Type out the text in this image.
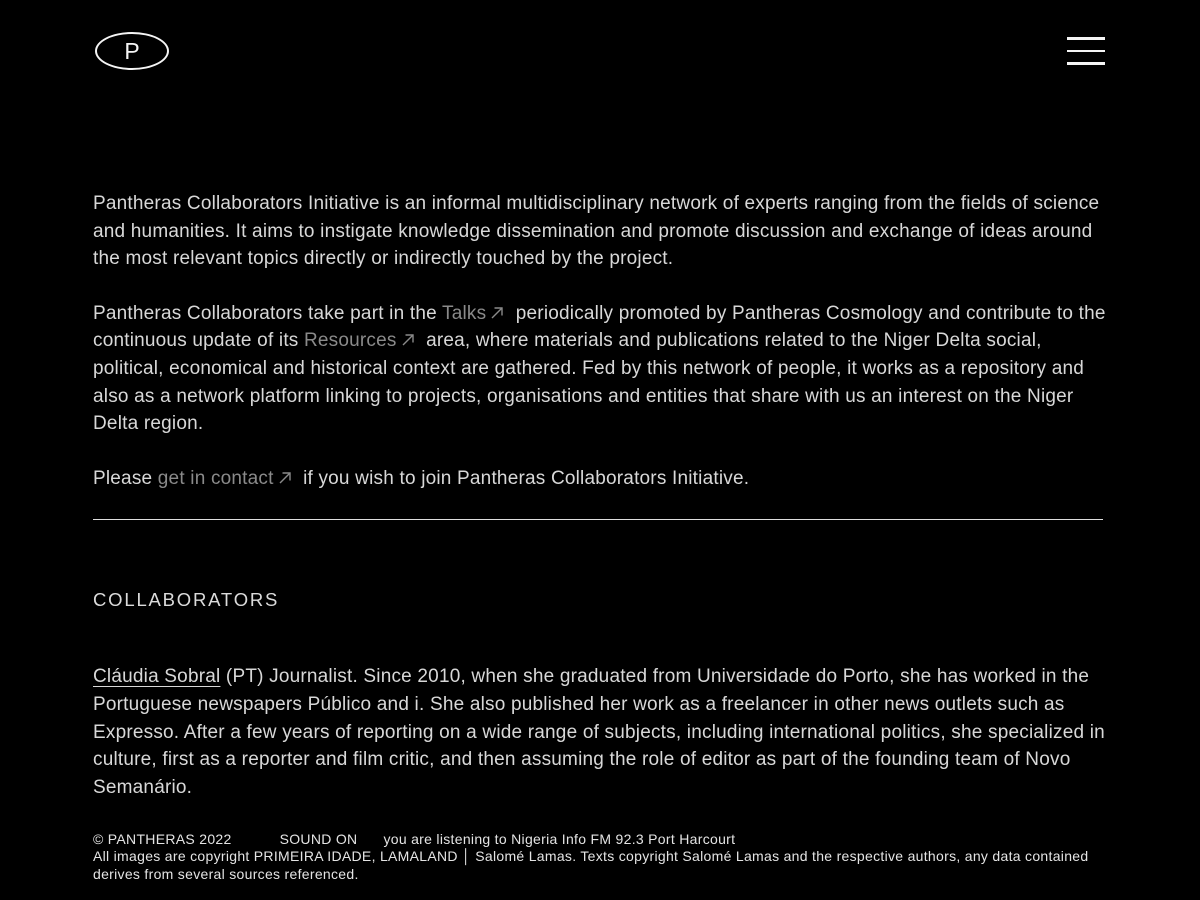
P

Pantheras Collaborators Initiative is an informal multidisciplinary network of experts ranging from the fields of science and humanities. It aims to instigate knowledge dissemination and promote discussion and exchange of ideas around the most relevant topics directly or indirectly touched by the project.

Pantheras Collaborators take part in the Talks periodically promoted by Pantheras Cosmology and contribute to the continuous update of its Resources area, where materials and publications related to the Niger Delta social, political, economical and historical context are gathered. Fed by this network of people, it works as a repository and also as a network platform linking to projects, organisations and entities that share with us an interest on the Niger Delta region.

Please get in contact if you wish to join Pantheras Collaborators Initiative.

COLLABORATORS

Cláudia Sobral (PT) Journalist. Since 2010, when she graduated from Universidade do Porto, she has worked in the Portuguese newspapers Público and i. She also published her work as a freelancer in other news outlets such as Expresso. After a few years of reporting on a wide range of subjects, including international politics, she specialized in culture, first as a reporter and film critic, and then assuming the role of editor as part of the founding team of Novo Semanário.

© PANTHERAS 2022	SOUND ON you are listening to Nigeria Info FM 92.3 Port Harcourt

All images are copyright PRIMEIRA IDADE, LAMALAND │ Salomé Lamas. Texts copyright Salomé Lamas and the respective authors, any data contained derives from several sources referenced.
